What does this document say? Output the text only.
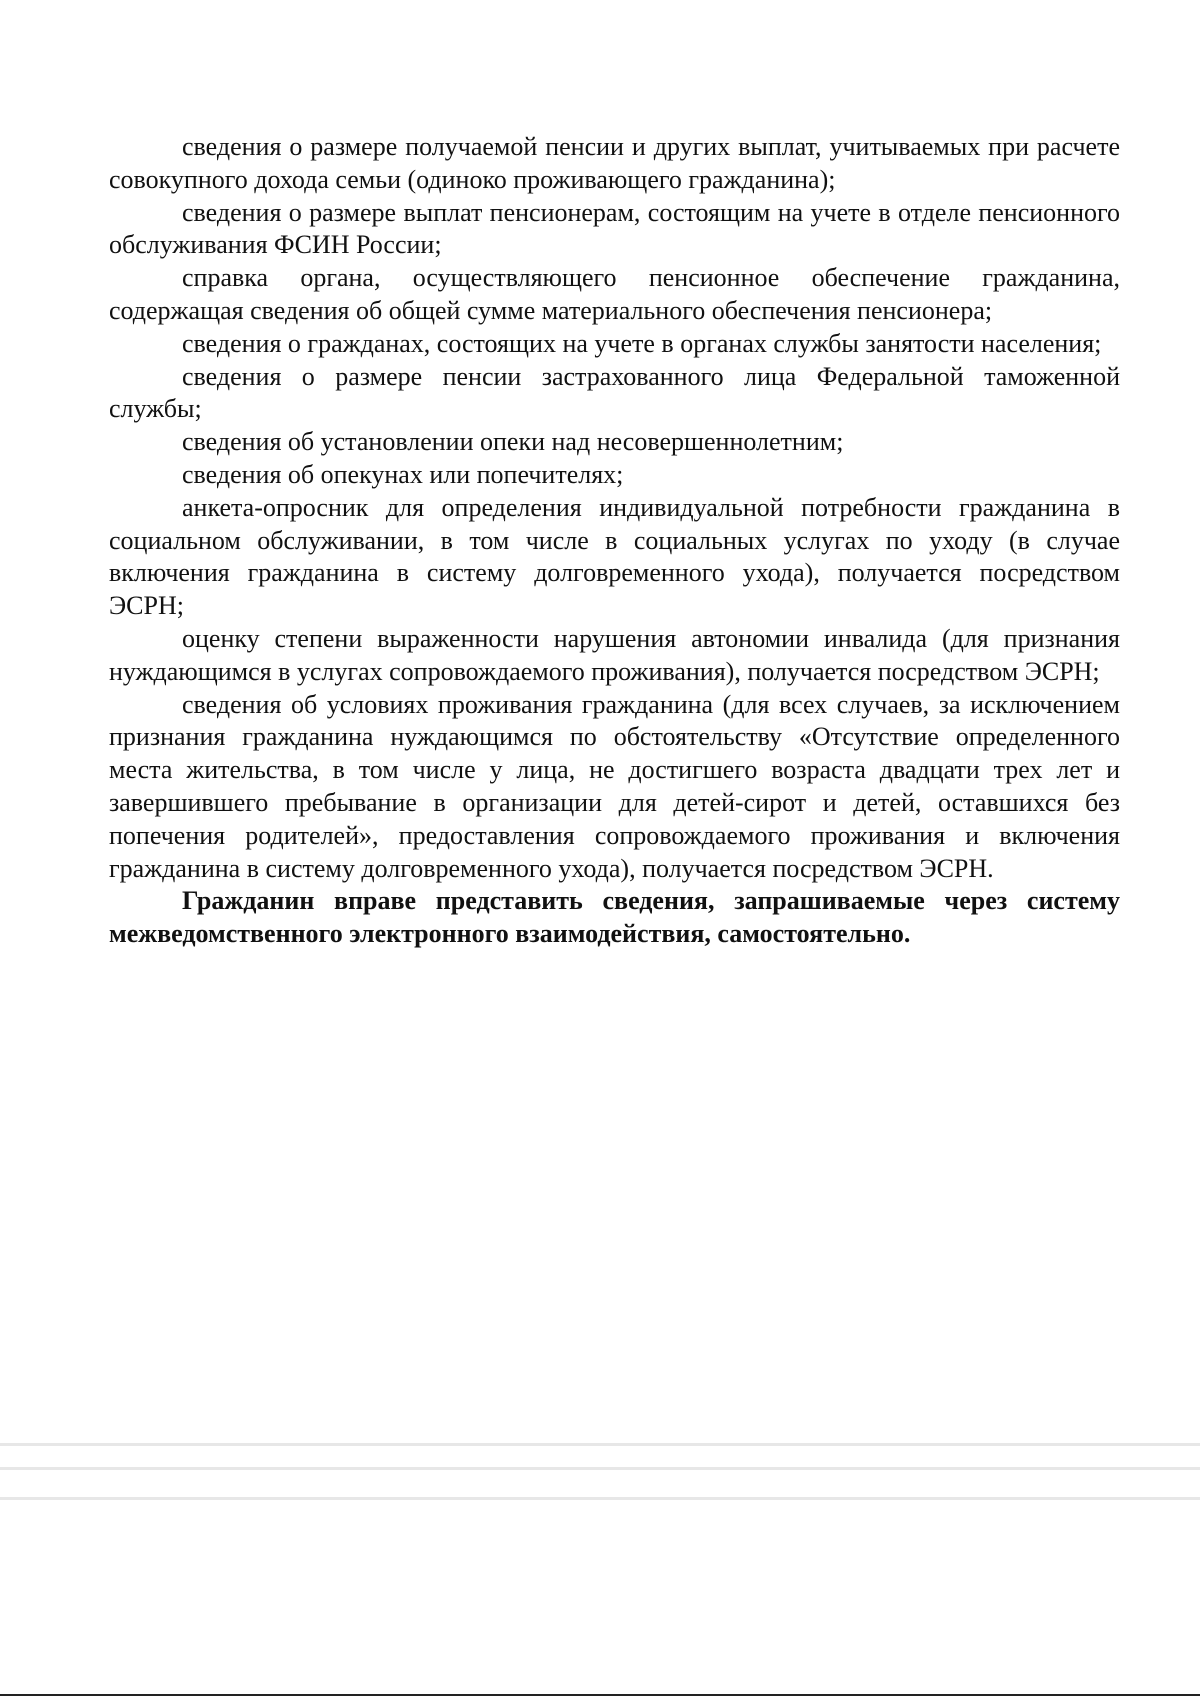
сведения о размере получаемой пенсии и других выплат, учитываемых при расчете совокупного дохода семьи (одиноко проживающего гражданина);

сведения о размере выплат пенсионерам, состоящим на учете в отделе пенсионного обслуживания ФСИН России;

справка органа, осуществляющего пенсионное обеспечение гражданина, содержащая сведения об общей сумме материального обеспечения пенсионера;

сведения о гражданах, состоящих на учете в органах службы занятости населения;

сведения о размере пенсии застрахованного лица Федеральной таможенной службы;

сведения об установлении опеки над несовершеннолетним;

сведения об опекунах или попечителях;

анкета-опросник для определения индивидуальной потребности гражданина в социальном обслуживании, в том числе в социальных услугах по уходу (в случае включения гражданина в систему долговременного ухода), получается посредством ЭСРН;

оценку степени выраженности нарушения автономии инвалида (для признания нуждающимся в услугах сопровождаемого проживания), получается посредством ЭСРН;

сведения об условиях проживания гражданина (для всех случаев, за исключением признания гражданина нуждающимся по обстоятельству «Отсутствие определенного места жительства, в том числе у лица, не достигшего возраста двадцати трех лет и завершившего пребывание в организации для детей-сирот и детей, оставшихся без попечения родителей», предоставления сопровождаемого проживания и включения гражданина в систему долговременного ухода), получается посредством ЭСРН.

Гражданин вправе представить сведения, запрашиваемые через систему межведомственного электронного взаимодействия, самостоятельно.
